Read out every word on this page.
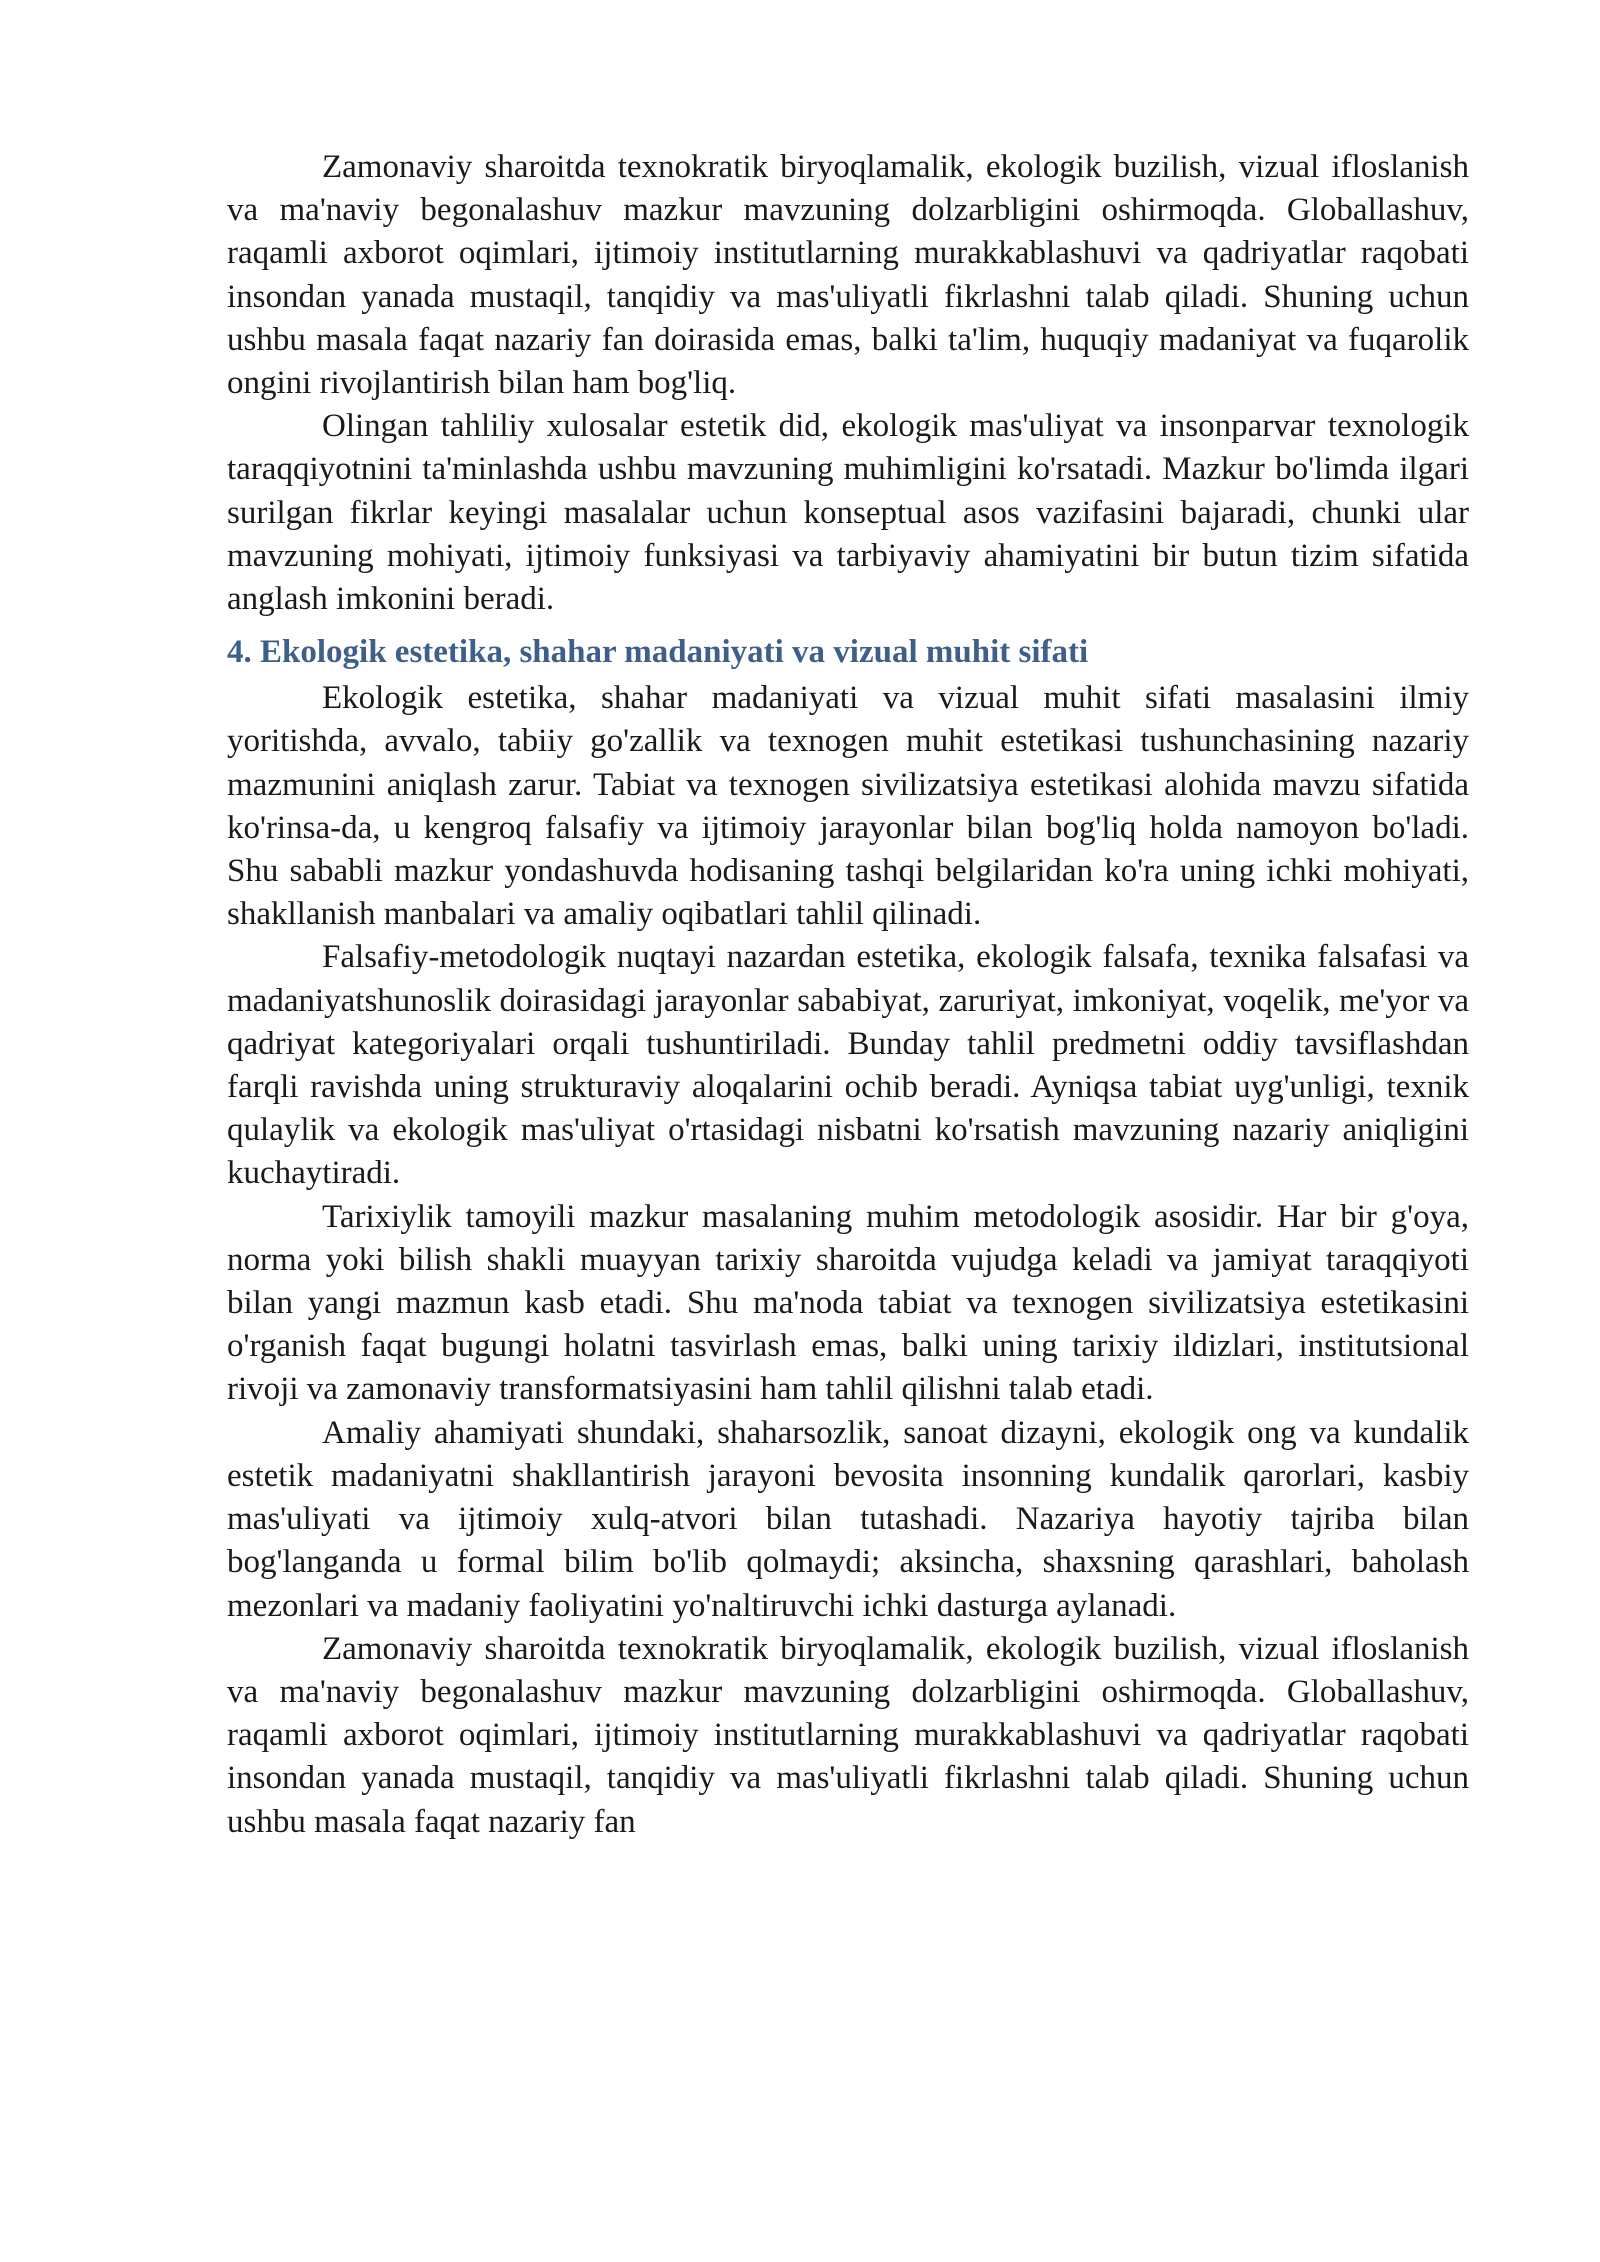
Zamonaviy sharoitda texnokratik biryoqlamalik, ekologik buzilish, vizual ifloslanish va ma'naviy begonalashuv mazkur mavzuning dolzarbligini oshirmoqda. Globallashuv, raqamli axborot oqimlari, ijtimoiy institutlarning murakkablashuvi va qadriyatlar raqobati insondan yanada mustaqil, tanqidiy va mas'uliyatli fikrlashni talab qiladi. Shuning uchun ushbu masala faqat nazariy fan doirasida emas, balki ta'lim, huquqiy madaniyat va fuqarolik ongini rivojlantirish bilan ham bog'liq.

Olingan tahliliy xulosalar estetik did, ekologik mas'uliyat va insonparvar texnologik taraqqiyotnini ta'minlashda ushbu mavzuning muhimligini ko'rsatadi. Mazkur bo'limda ilgari surilgan fikrlar keyingi masalalar uchun konseptual asos vazifasini bajaradi, chunki ular mavzuning mohiyati, ijtimoiy funksiyasi va tarbiyaviy ahamiyatini bir butun tizim sifatida anglash imkonini beradi.

4. Ekologik estetika, shahar madaniyati va vizual muhit sifati

Ekologik estetika, shahar madaniyati va vizual muhit sifati masalasini ilmiy yoritishda, avvalo, tabiiy go'zallik va texnogen muhit estetikasi tushunchasining nazariy mazmunini aniqlash zarur. Tabiat va texnogen sivilizatsiya estetikasi alohida mavzu sifatida ko'rinsa-da, u kengroq falsafiy va ijtimoiy jarayonlar bilan bog'liq holda namoyon bo'ladi. Shu sababli mazkur yondashuvda hodisaning tashqi belgilaridan ko'ra uning ichki mohiyati, shakllanish manbalari va amaliy oqibatlari tahlil qilinadi.

Falsafiy-metodologik nuqtayi nazardan estetika, ekologik falsafa, texnika falsafasi va madaniyatshunoslik doirasidagi jarayonlar sababiyat, zaruriyat, imkoniyat, voqelik, me'yor va qadriyat kategoriyalari orqali tushuntiriladi. Bunday tahlil predmetni oddiy tavsiflashdan farqli ravishda uning strukturaviy aloqalarini ochib beradi. Ayniqsa tabiat uyg'unligi, texnik qulaylik va ekologik mas'uliyat o'rtasidagi nisbatni ko'rsatish mavzuning nazariy aniqligini kuchaytiradi.

Tarixiylik tamoyili mazkur masalaning muhim metodologik asosidir. Har bir g'oya, norma yoki bilish shakli muayyan tarixiy sharoitda vujudga keladi va jamiyat taraqqiyoti bilan yangi mazmun kasb etadi. Shu ma'noda tabiat va texnogen sivilizatsiya estetikasini o'rganish faqat bugungi holatni tasvirlash emas, balki uning tarixiy ildizlari, institutsional rivoji va zamonaviy transformatsiyasini ham tahlil qilishni talab etadi.

Amaliy ahamiyati shundaki, shaharsozlik, sanoat dizayni, ekologik ong va kundalik estetik madaniyatni shakllantirish jarayoni bevosita insonning kundalik qarorlari, kasbiy mas'uliyati va ijtimoiy xulq-atvori bilan tutashadi. Nazariya hayotiy tajriba bilan bog'langanda u formal bilim bo'lib qolmaydi; aksincha, shaxsning qarashlari, baholash mezonlari va madaniy faoliyatini yo'naltiruvchi ichki dasturga aylanadi.

Zamonaviy sharoitda texnokratik biryoqlamalik, ekologik buzilish, vizual ifloslanish va ma'naviy begonalashuv mazkur mavzuning dolzarbligini oshirmoqda. Globallashuv, raqamli axborot oqimlari, ijtimoiy institutlarning murakkablashuvi va qadriyatlar raqobati insondan yanada mustaqil, tanqidiy va mas'uliyatli fikrlashni talab qiladi. Shuning uchun ushbu masala faqat nazariy fan
